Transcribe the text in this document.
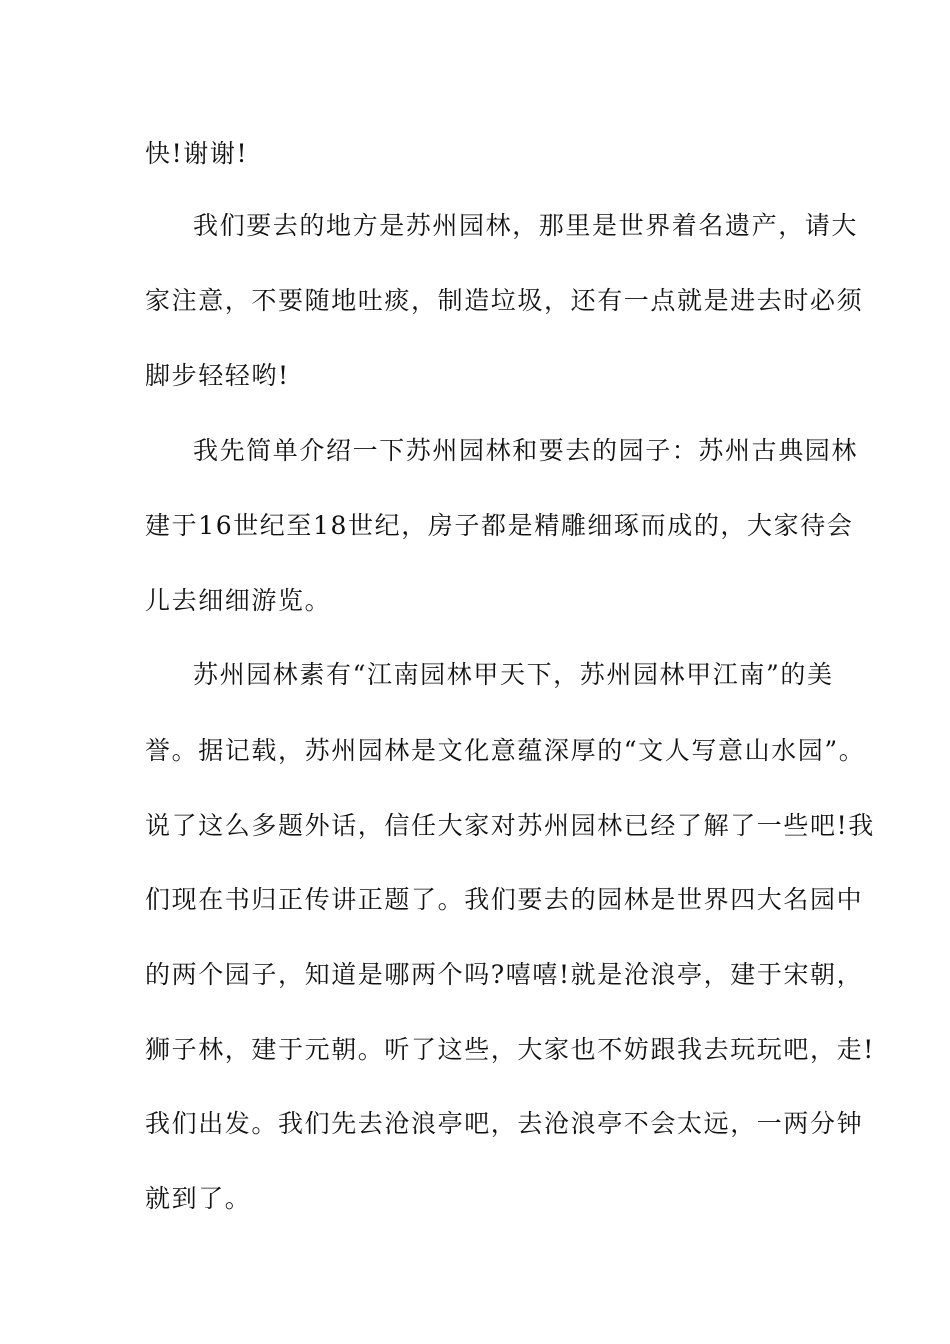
快!谢谢!
我们要去的地方是苏州园林，那里是世界着名遗产，请大
家注意，不要随地吐痰，制造垃圾，还有一点就是进去时必须
脚步轻轻哟!
我先简单介绍一下苏州园林和要去的园子：苏州古典园林
建于16世纪至18世纪，房子都是精雕细琢而成的，大家待会
儿去细细游览。
苏州园林素有“江南园林甲天下，苏州园林甲江南”的美
誉。据记载，苏州园林是文化意蕴深厚的“文人写意山水园”。
说了这么多题外话，信任大家对苏州园林已经了解了一些吧!我
们现在书归正传讲正题了。我们要去的园林是世界四大名园中
的两个园子，知道是哪两个吗?嘻嘻!就是沧浪亭，建于宋朝，
狮子林，建于元朝。听了这些，大家也不妨跟我去玩玩吧，走!
我们出发。我们先去沧浪亭吧，去沧浪亭不会太远，一两分钟
就到了。
